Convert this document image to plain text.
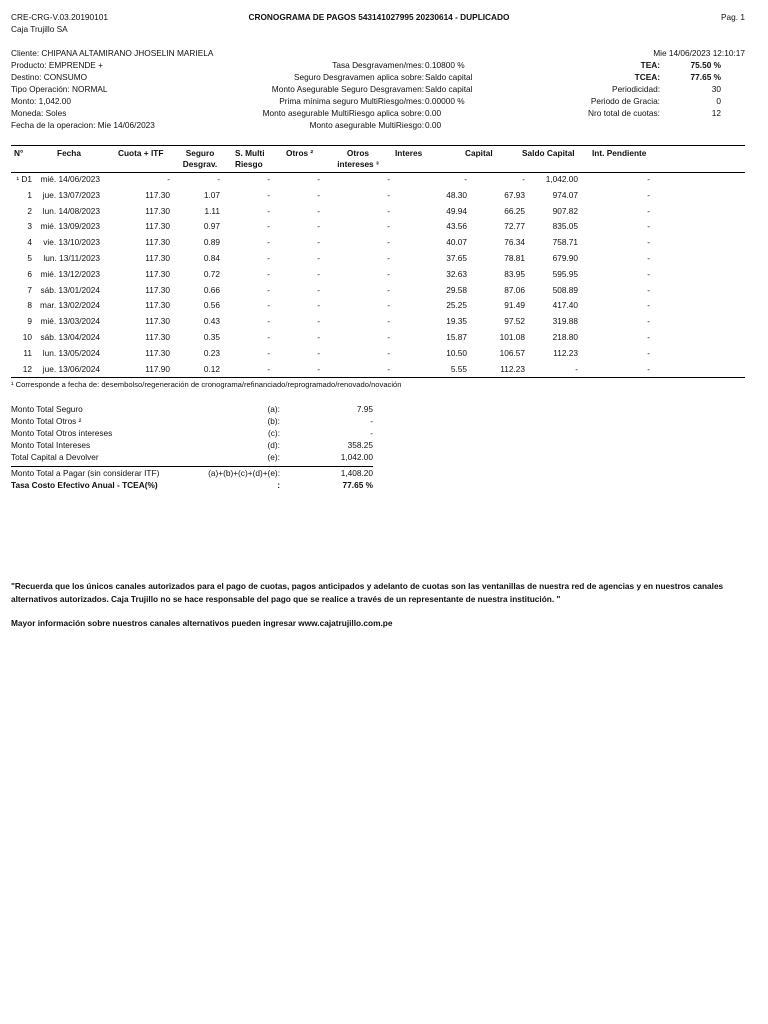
CRE-CRG-V.03.20190101
Caja Trujillo SA
CRONOGRAMA DE PAGOS 543141027995 20230614 - DUPLICADO	Pag. 1
Cliente: CHIPANA ALTAMIRANO JHOSELIN MARIELA
Producto: EMPRENDE +
Destino: CONSUMO
Tipo Operación: NORMAL
Monto: 1,042.00
Moneda: Soles
Fecha de la operacion: Mie 14/06/2023
Tasa Desgravamen/mes: 0.10800 %
Seguro Desgravamen aplica sobre: Saldo capital
Monto Asegurable Seguro Desgravamen: Saldo capital
Prima mínima seguro MultiRiesgo/mes: 0.00000 %
Monto asegurable MultiRiesgo aplica sobre: 0.00
Monto asegurable MultiRiesgo: 0.00
Mie 14/06/2023 12:10:17
TEA:	75.50 %
TCEA:	77.65 %
Periodicidad:	30
Periodo de Gracia:	0
Nro total de cuotas:	12
N°	Fecha	Cuota + ITF	Seguro
Desgrav.
S. Multi
Riesgo
Otros ²	Otros
intereses ³
Interes	Capital	Saldo Capital Int. Pendiente
¹ D1 mié. 14/06/2023	-	-	-	-	-	-	-	1,042.00	-
1	jue. 13/07/2023	117.30	1.07	-	-	-	48.30	67.93	974.07	-
2	lun. 14/08/2023	117.30	1.11	-	-	-	49.94	66.25	907.82	-
3 mié. 13/09/2023	117.30	0.97	-	-	-	43.56	72.77	835.05	-
4	vie. 13/10/2023	117.30	0.89	-	-	-	40.07	76.34	758.71	-
5	lun. 13/11/2023	117.30	0.84	-	-	-	37.65	78.81	679.90	-
6 mié. 13/12/2023	117.30	0.72	-	-	-	32.63	83.95	595.95	-
7 sáb. 13/01/2024	117.30	0.66	-	-	-	29.58	87.06	508.89	-
8 mar. 13/02/2024	117.30	0.56	-	-	-	25.25	91.49	417.40	-
9 mié. 13/03/2024	117.30	0.43	-	-	-	19.35	97.52	319.88	-
10 sáb. 13/04/2024	117.30	0.35	-	-	-	15.87	101.08	218.80	-
11	lun. 13/05/2024	117.30	0.23	-	-	-	10.50	106.57	112.23	-
12	jue. 13/06/2024	117.90	0.12	-	-	-	5.55	112.23	-	-
¹ Corresponde a fecha de: desembolso/regeneración de cronograma/refinanciado/reprogramado/renovado/novación
Monto Total Seguro	(a):	7.95
Monto Total Otros ²	(b):	-
Monto Total Otros intereses	(c):	-
Monto Total Intereses	(d):	358.25
Total Capital a Devolver	(e):	1,042.00
Monto Total a Pagar (sin considerar ITF)	(a)+(b)+(c)+(d)+(e):	1,408.20
Tasa Costo Efectivo Anual - TCEA(%)	:	77.65 %
"Recuerda que los únicos canales autorizados para el pago de cuotas, pagos anticipados y adelanto de cuotas son las ventanillas de nuestra red de agencias y en nuestros canales alternativos autorizados. Caja Trujillo no se hace responsable del pago que se realice a través de un representante de nuestra institución. "
Mayor información sobre nuestros canales alternativos pueden ingresar www.cajatrujillo.com.pe
